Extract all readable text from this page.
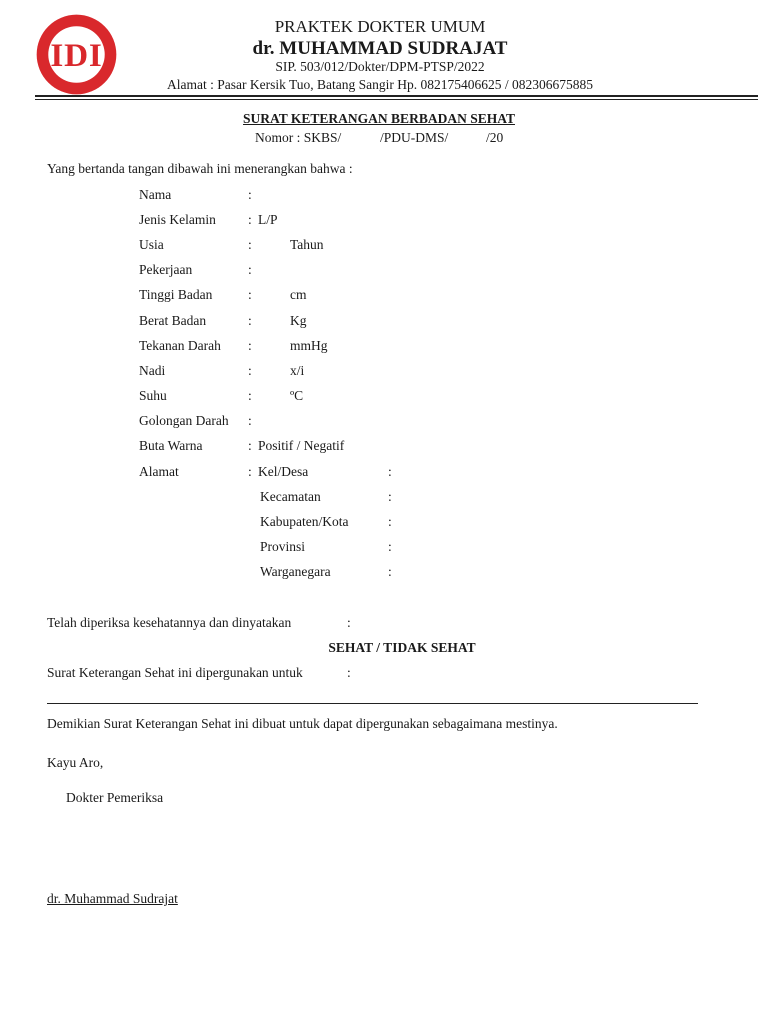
IDI
PRAKTEK DOKTER UMUM
dr. MUHAMMAD SUDRAJAT
SIP. 503/012/Dokter/DPM-PTSP/2022
Alamat : Pasar Kersik Tuo, Batang Sangir Hp. 082175406625 / 082306675885
SURAT KETERANGAN BERBADAN SEHAT
Nomor : SKBS/	/PDU-DMS/	/20
Yang bertanda tangan dibawah ini menerangkan bahwa :
Nama	:
Jenis Kelamin : L/P
Usia	:	Tahun
Pekerjaan	:
Tinggi Badan	:	cm
Berat Badan	:	Kg
Tekanan Darah :	mmHg
Nadi	:	x/i
Suhu	:	ºC
Golongan Darah :
Buta Warna	: Positif / Negatif
Alamat	: Kel/Desa	:
Kecamatan	:
Kabupaten/Kota	:
Provinsi	:
Warganegara	:
Telah diperiksa kesehatannya dan dinyatakan	:
SEHAT / TIDAK SEHAT
Surat Keterangan Sehat ini dipergunakan untuk	:
Demikian Surat Keterangan Sehat ini dibuat untuk dapat dipergunakan sebagaimana mestinya.
Kayu Aro,
Dokter Pemeriksa
dr. Muhammad Sudrajat
